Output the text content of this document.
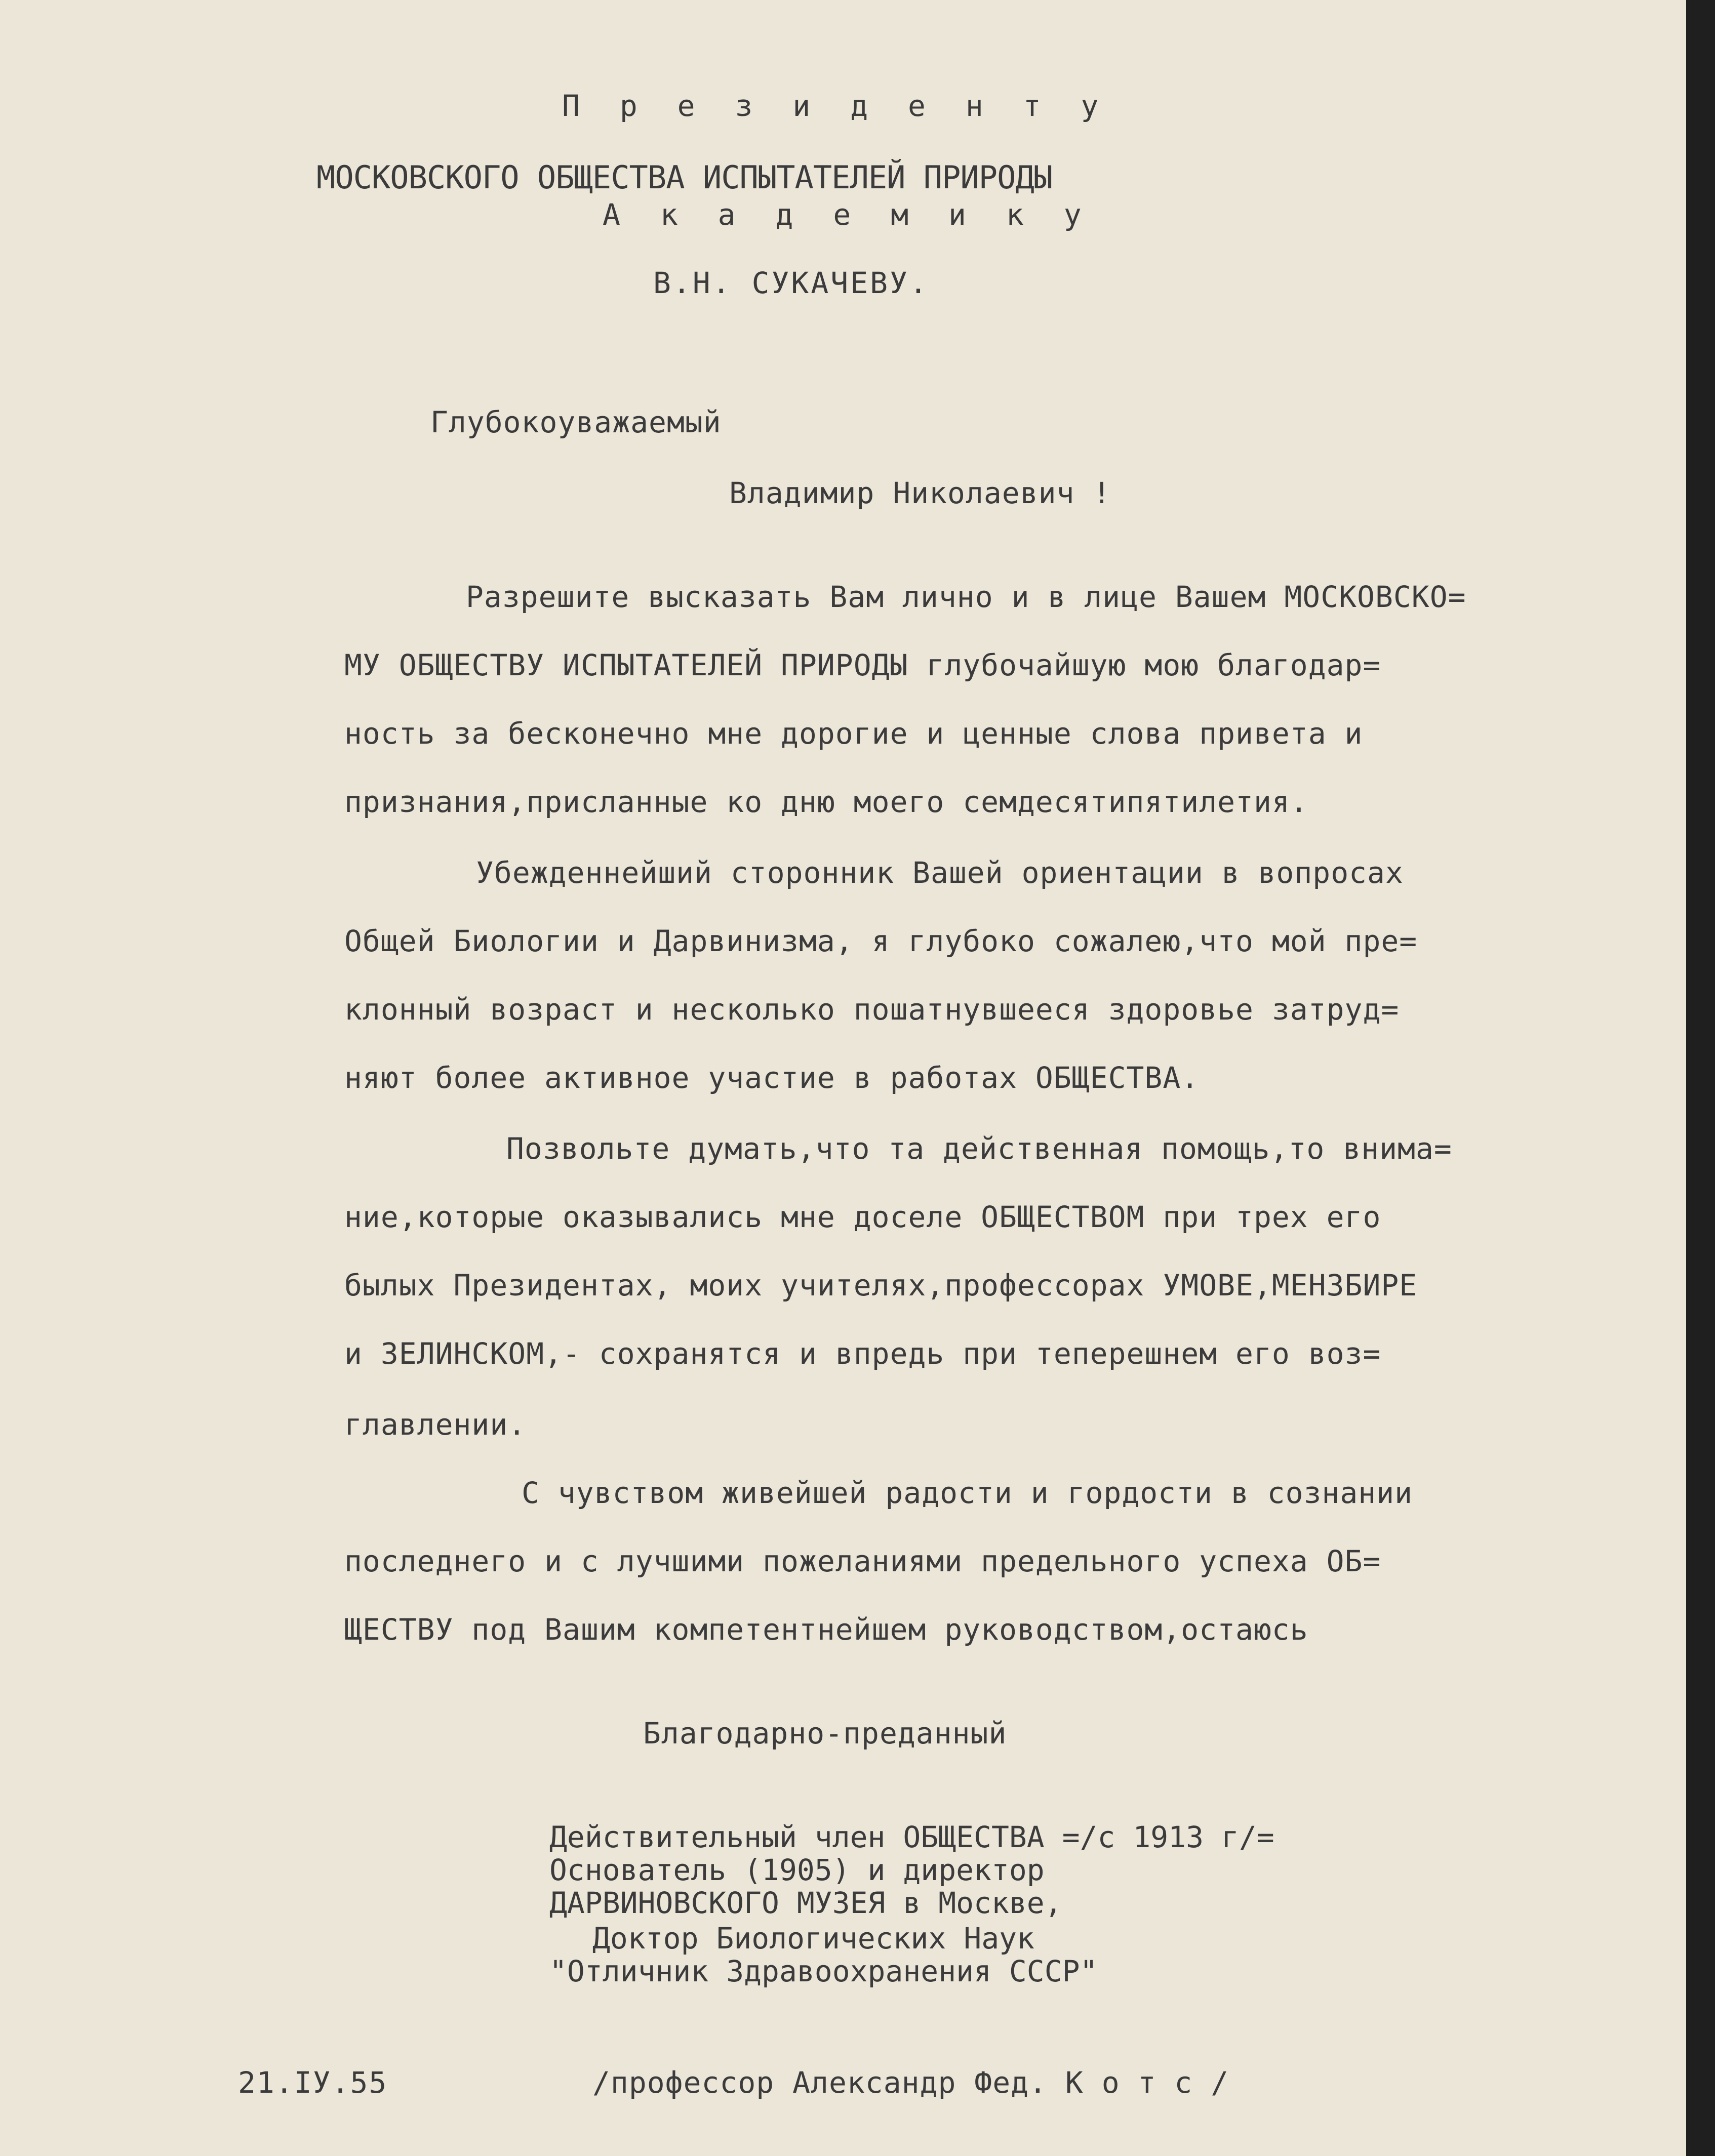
П р е з и д е н т у
МОСКОВСКОГО ОБЩЕСТВА ИСПЫТАТЕЛЕЙ ПРИРОДЫ
А к а д е м и к у
В.Н. СУКАЧЕВУ.
Глубокоуважаемый
Владимир Николаевич !
Разрешите высказать Вам лично и в лице Вашем МОСКОВСКО=
МУ ОБЩЕСТВУ ИСПЫТАТЕЛЕЙ ПРИРОДЫ глубочайшую мою благодар=
ность за бесконечно мне дорогие и ценные слова привета и
признания,присланные ко дню моего семдесятипятилетия.
Убежденнейший сторонник Вашей ориентации в вопросах
Общей Биологии и Дарвинизма, я глубоко сожалею,что мой пре=
клонный возраст и несколько пошатнувшееся здоровье затруд=
няют более активное участие в работах ОБЩЕСТВА.
Позвольте думать,что та действенная помощь,то внима=
ние,которые оказывались мне доселе ОБЩЕСТВОМ при трех его
былых Президентах, моих учителях,профессорах УМОВЕ,МЕНЗБИРЕ
и ЗЕЛИНСКОМ,- сохранятся и впредь при теперешнем его воз=
главлении.
С чувством живейшей радости и гордости в сознании
последнего и с лучшими пожеланиями предельного успеха ОБ=
ЩЕСТВУ под Вашим компетентнейшем руководством,остаюсь
Благодарно-преданный
Действительный член ОБЩЕСТВА =/с 1913 г/=
Основатель (1905) и директор
ДАРВИНОВСКОГО МУЗЕЯ в Москве,
Доктор Биологических Наук
"Отличник Здравоохранения СССР"
21.IУ.55	/профессор Александр Фед. К о т с /
